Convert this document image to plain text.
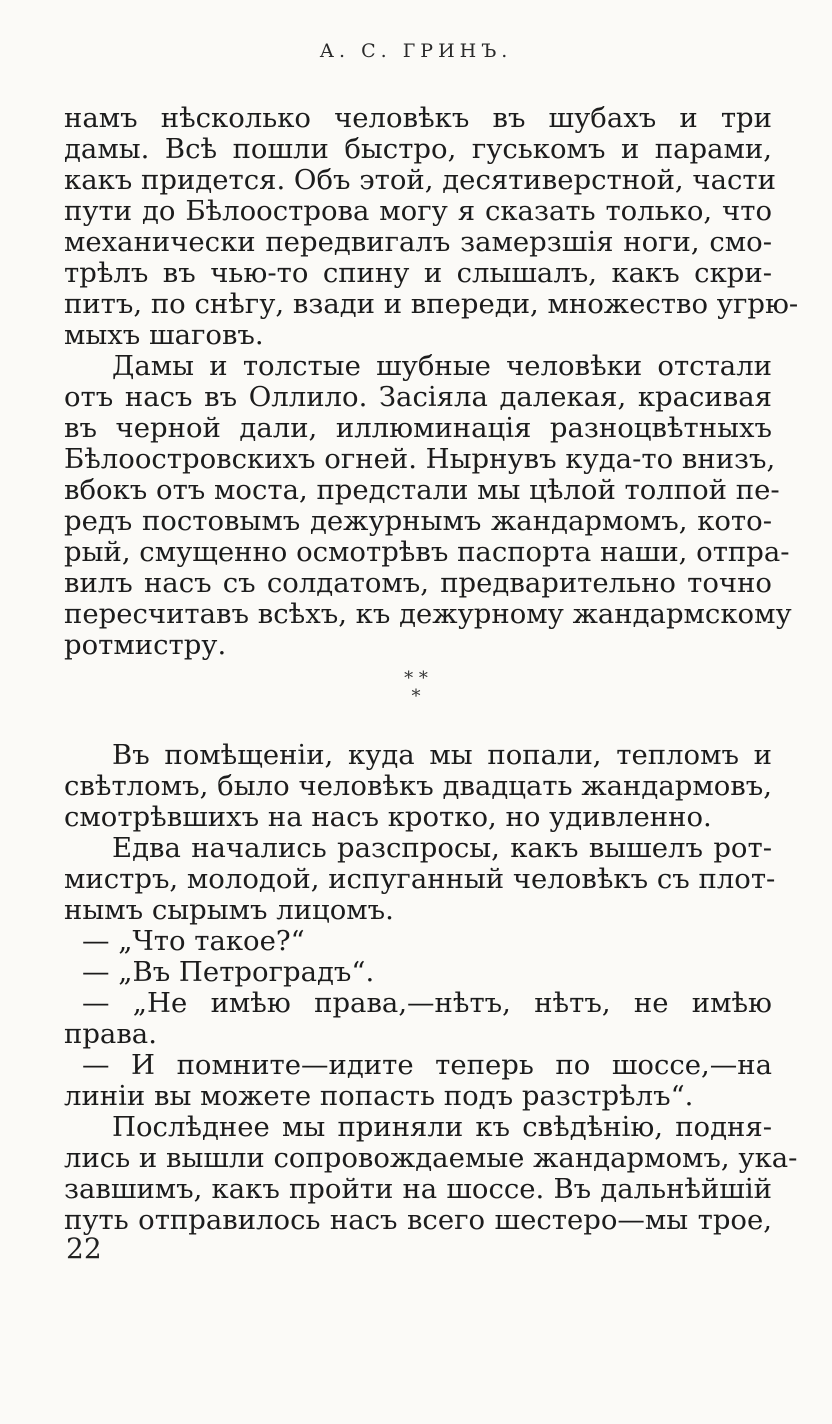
А. С. ГРИНЪ.
намъ нѣсколько человѣкъ въ шубахъ и три
дамы. Всѣ пошли быстро, гуськомъ и парами,
какъ придется. Объ этой, десятиверстной, части
пути до Бѣлоострова могу я сказать только, что
механически передвигалъ замерзшія ноги, смо-
трѣлъ въ чью-то спину и слышалъ, какъ скри-
питъ, по снѣгу, взади и впереди, множество угрю-
мыхъ шаговъ.
Дамы и толстые шубные человѣки отстали
отъ насъ въ Оллило. Засіяла далекая, красивая
въ черной дали, иллюминація разноцвѣтныхъ
Бѣлоостровскихъ огней. Нырнувъ куда-то внизъ,
вбокъ отъ моста, предстали мы цѣлой толпой пе-
редъ постовымъ дежурнымъ жандармомъ, кото-
рый, смущенно осмотрѣвъ паспорта наши, отпра-
вилъ насъ съ солдатомъ, предварительно точно
пересчитавъ всѣхъ, къ дежурному жандармскому
ротмистру.
* *
*
Въ помѣщеніи, куда мы попали, тепломъ и
свѣтломъ, было человѣкъ двадцать жандармовъ,
смотрѣвшихъ на насъ кротко, но удивленно.
Едва начались разспросы, какъ вышелъ рот-
мистръ, молодой, испуганный человѣкъ съ плот-
нымъ сырымъ лицомъ.
— „Что такое?“
— „Въ Петроградъ“.
— „Не имѣю права,—нѣтъ, нѣтъ, не имѣю
права.
— И помните—идите теперь по шоссе,—на
линіи вы можете попасть подъ разстрѣлъ“.
Послѣднее мы приняли къ свѣдѣнію, подня-
лись и вышли сопровождаемые жандармомъ, ука-
завшимъ, какъ пройти на шоссе. Въ дальнѣйшій
путь отправилось насъ всего шестеро—мы трое,
22
